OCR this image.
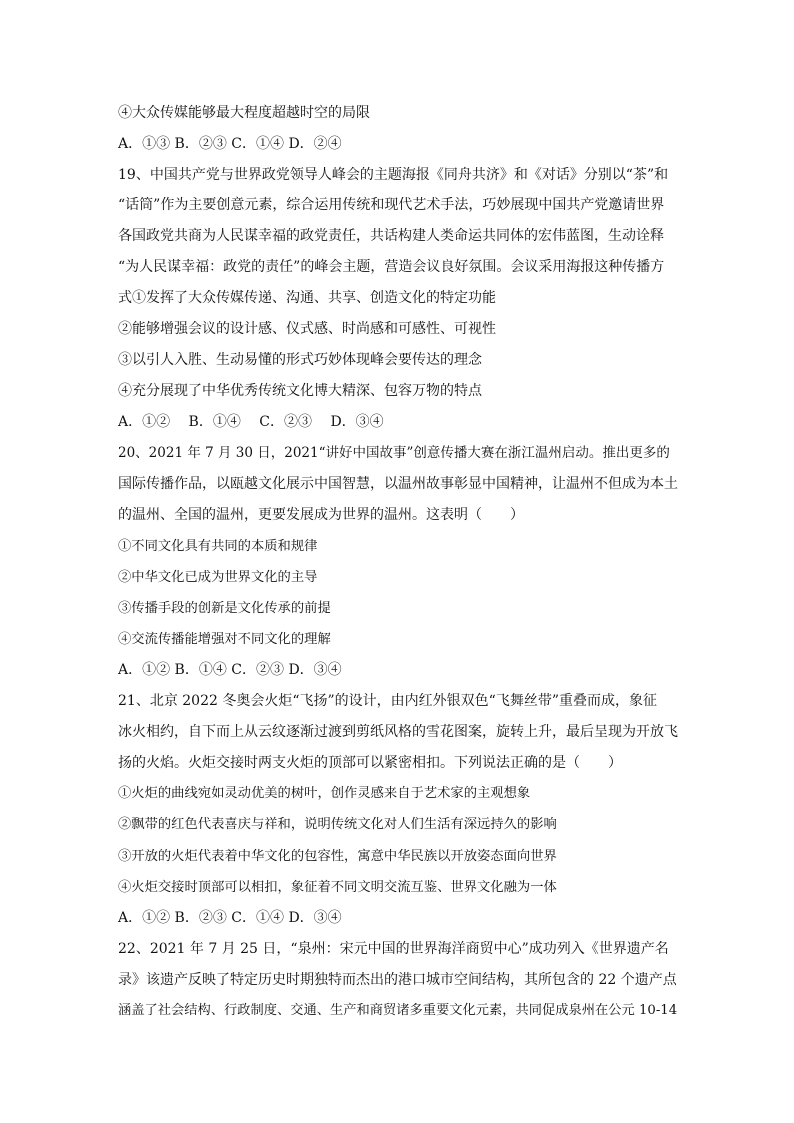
④大众传媒能够最大程度超越时空的局限
A．①③ B．②③ C．①④ D．②④
19、中国共产党与世界政党领导人峰会的主题海报《同舟共济》和《对话》分别以“茶”和
“话筒”作为主要创意元素，综合运用传统和现代艺术手法，巧妙展现中国共产党邀请世界
各国政党共商为人民谋幸福的政党责任，共话构建人类命运共同体的宏伟蓝图，生动诠释
“为人民谋幸福：政党的责任”的峰会主题，营造会议良好氛围。会议采用海报这种传播方
式①发挥了大众传媒传递、沟通、共享、创造文化的特定功能
②能够增强会议的设计感、仪式感、时尚感和可感性、可视性
③以引人入胜、生动易懂的形式巧妙体现峰会要传达的理念
④充分展现了中华优秀传统文化博大精深、包容万物的特点
A．①②　 B．①④　 C．②③　 D．③④
20、2021 年 7 月 30 日，2021“讲好中国故事”创意传播大赛在浙江温州启动。推出更多的
国际传播作品，以瓯越文化展示中国智慧，以温州故事彰显中国精神，让温州不但成为本土
的温州、全国的温州，更要发展成为世界的温州。这表明（　　）
①不同文化具有共同的本质和规律
②中华文化已成为世界文化的主导
③传播手段的创新是文化传承的前提
④交流传播能增强对不同文化的理解
A．①② B．①④ C．②③ D．③④
21、北京 2022 冬奥会火炬“飞扬”的设计，由内红外银双色“飞舞丝带”重叠而成，象征
冰火相约，自下而上从云纹逐渐过渡到剪纸风格的雪花图案，旋转上升，最后呈现为开放飞
扬的火焰。火炬交接时两支火炬的顶部可以紧密相扣。下列说法正确的是（　　）
①火炬的曲线宛如灵动优美的树叶，创作灵感来自于艺术家的主观想象
②飘带的红色代表喜庆与祥和，说明传统文化对人们生活有深远持久的影响
③开放的火炬代表着中华文化的包容性，寓意中华民族以开放姿态面向世界
④火炬交接时顶部可以相扣，象征着不同文明交流互鉴、世界文化融为一体
A．①② B．②③ C．①④ D．③④
22、2021 年 7 月 25 日，“泉州：宋元中国的世界海洋商贸中心”成功列入《世界遗产名
录》该遗产反映了特定历史时期独特而杰出的港口城市空间结构，其所包含的 22 个遗产点
涵盖了社会结构、行政制度、交通、生产和商贸诸多重要文化元素，共同促成泉州在公元 10-14
